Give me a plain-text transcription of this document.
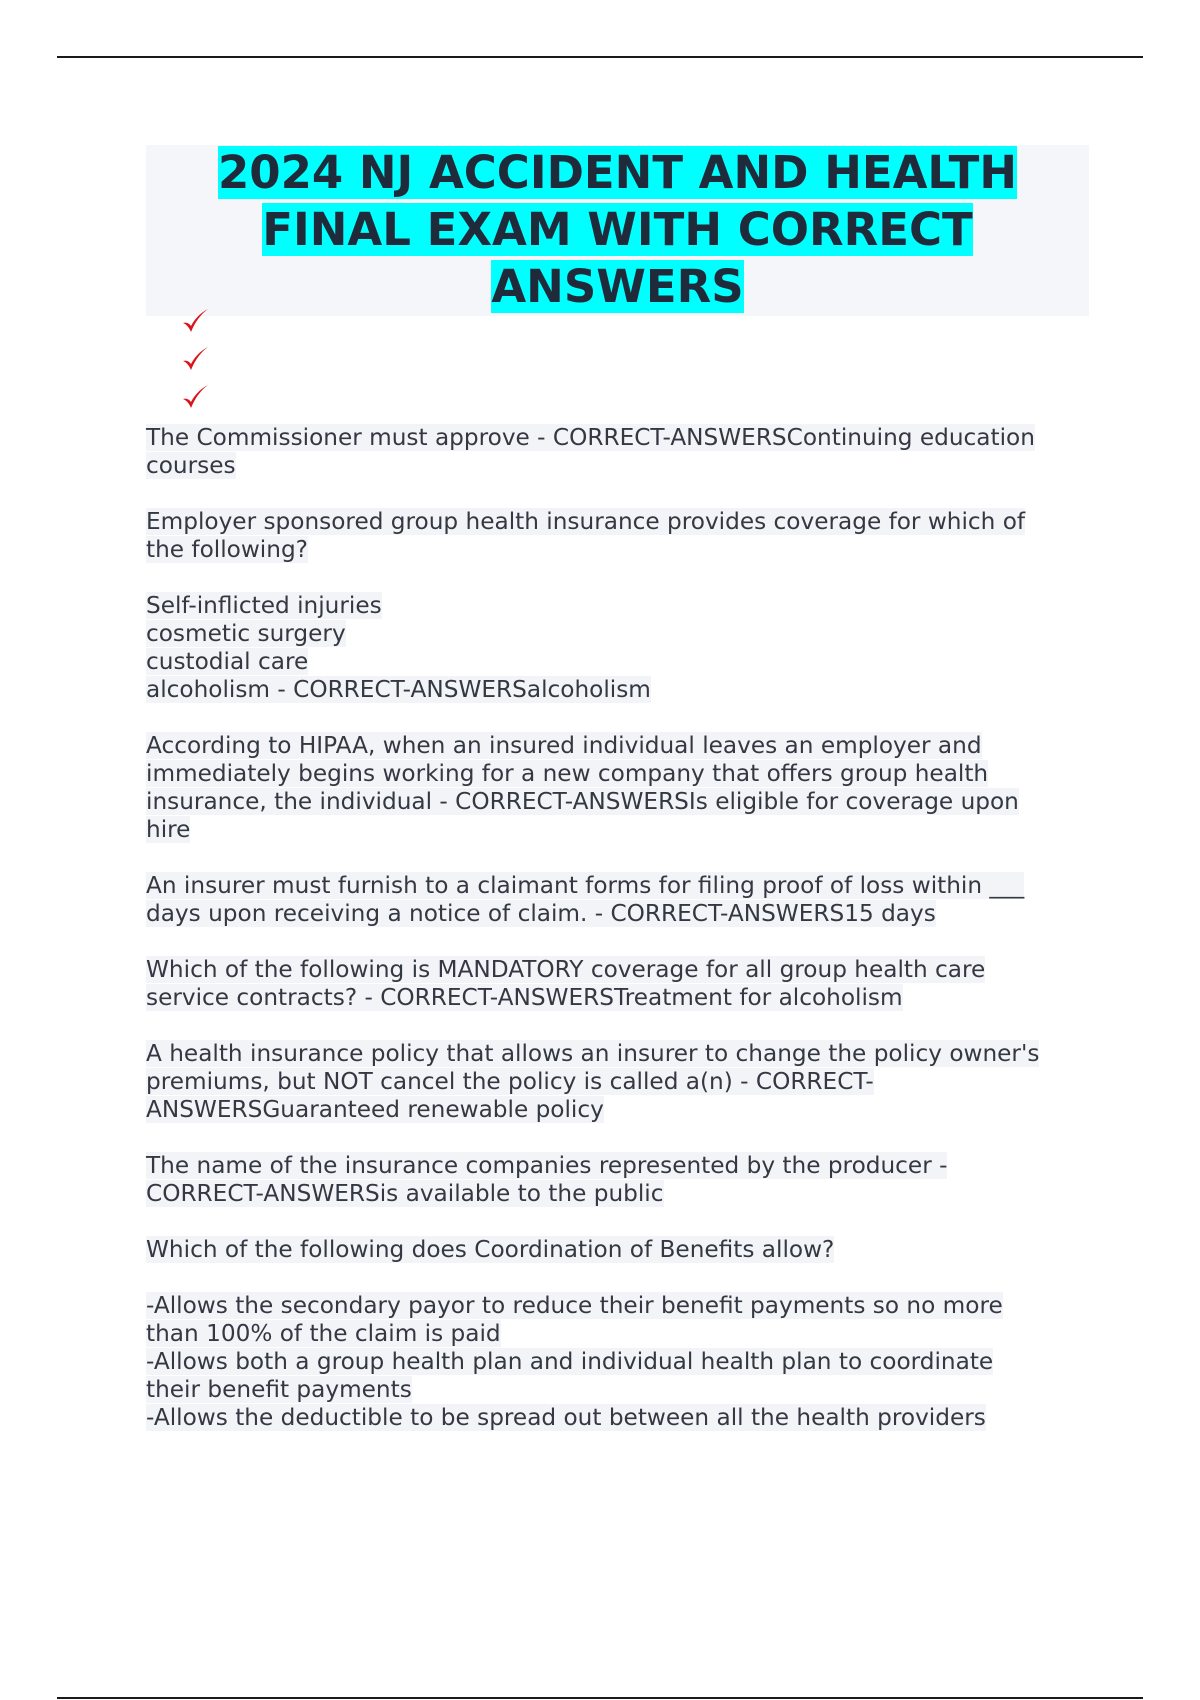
2024 NJ ACCIDENT AND HEALTH
FINAL EXAM WITH CORRECT
ANSWERS

The Commissioner must approve - CORRECT-ANSWERSContinuing education
courses

Employer sponsored group health insurance provides coverage for which of
the following?

Self-inflicted injuries
cosmetic surgery
custodial care
alcoholism - CORRECT-ANSWERSalcoholism

According to HIPAA, when an insured individual leaves an employer and
immediately begins working for a new company that offers group health
insurance, the individual - CORRECT-ANSWERSIs eligible for coverage upon
hire

An insurer must furnish to a claimant forms for filing proof of loss within ___
days upon receiving a notice of claim. - CORRECT-ANSWERS15 days

Which of the following is MANDATORY coverage for all group health care
service contracts? - CORRECT-ANSWERSTreatment for alcoholism

A health insurance policy that allows an insurer to change the policy owner's
premiums, but NOT cancel the policy is called a(n) - CORRECT-
ANSWERSGuaranteed renewable policy

The name of the insurance companies represented by the producer -
CORRECT-ANSWERSis available to the public

Which of the following does Coordination of Benefits allow?

-Allows the secondary payor to reduce their benefit payments so no more
than 100% of the claim is paid
-Allows both a group health plan and individual health plan to coordinate
their benefit payments
-Allows the deductible to be spread out between all the health providers
